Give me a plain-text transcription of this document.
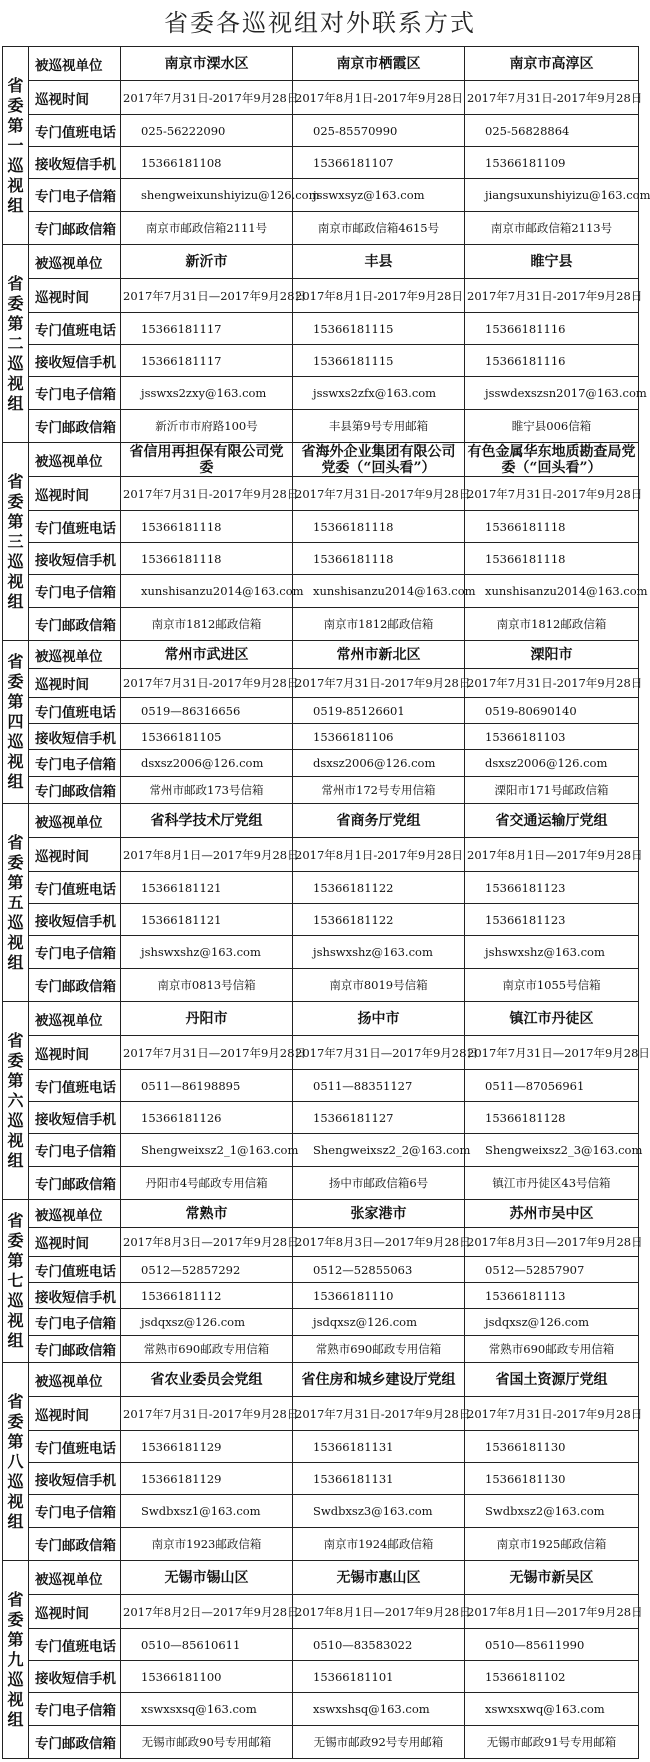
省委各巡视组对外联系方式
省委第一巡视组	被巡视单位	南京市溧水区	南京市栖霞区	南京市高淳区
	巡视时间	2017年7月31日-2017年9月28日	2017年8月1日-2017年9月28日	2017年7月31日-2017年9月28日
	专门值班电话	025-56222090	025-85570990	025-56828864
	接收短信手机	15366181108	15366181107	15366181109
	专门电子信箱	shengweixunshiyizu@126.com	jsswxsyz@163.com	jiangsuxunshiyizu@163.com
	专门邮政信箱	南京市邮政信箱2111号	南京市邮政信箱4615号	南京市邮政信箱2113号

省委第二巡视组	被巡视单位	新沂市	丰县	睢宁县
	巡视时间	2017年7月31日—2017年9月28日	2017年8月1日-2017年9月28日	2017年7月31日-2017年9月28日
	专门值班电话	15366181117	15366181115	15366181116
	接收短信手机	15366181117	15366181115	15366181116
	专门电子信箱	jsswxs2zxy@163.com	jsswxs2zfx@163.com	jsswdexszsn2017@163.com
	专门邮政信箱	新沂市市府路100号	丰县第9号专用邮箱	睢宁县006信箱

省委第三巡视组	被巡视单位	省信用再担保有限公司党委	省海外企业集团有限公司党委（“回头看”）	有色金属华东地质勘查局党委（“回头看”）
	巡视时间	2017年7月31日-2017年9月28日	2017年7月31日-2017年9月28日	2017年7月31日-2017年9月28日
	专门值班电话	15366181118	15366181118	15366181118
	接收短信手机	15366181118	15366181118	15366181118
	专门电子信箱	xunshisanzu2014@163.com	xunshisanzu2014@163.com	xunshisanzu2014@163.com
	专门邮政信箱	南京市1812邮政信箱	南京市1812邮政信箱	南京市1812邮政信箱

省委第四巡视组	被巡视单位	常州市武进区	常州市新北区	溧阳市
	巡视时间	2017年7月31日-2017年9月28日	2017年7月31日-2017年9月28日	2017年7月31日-2017年9月28日
	专门值班电话	0519—86316656	0519-85126601	0519-80690140
	接收短信手机	15366181105	15366181106	15366181103
	专门电子信箱	dsxsz2006@126.com	dsxsz2006@126.com	dsxsz2006@126.com
	专门邮政信箱	常州市邮政173号信箱	常州市172号专用信箱	溧阳市171号邮政信箱

省委第五巡视组	被巡视单位	省科学技术厅党组	省商务厅党组	省交通运输厅党组
	巡视时间	2017年8月1日—2017年9月28日	2017年8月1日-2017年9月28日	2017年8月1日—2017年9月28日
	专门值班电话	15366181121	15366181122	15366181123
	接收短信手机	15366181121	15366181122	15366181123
	专门电子信箱	jshswxshz@163.com	jshswxshz@163.com	jshswxshz@163.com
	专门邮政信箱	南京市0813号信箱	南京市8019号信箱	南京市1055号信箱

省委第六巡视组	被巡视单位	丹阳市	扬中市	镇江市丹徒区
	巡视时间	2017年7月31日—2017年9月28日	2017年7月31日—2017年9月28日	2017年7月31日—2017年9月28日
	专门值班电话	0511—86198895	0511—88351127	0511—87056961
	接收短信手机	15366181126	15366181127	15366181128
	专门电子信箱	Shengweixsz2_1@163.com	Shengweixsz2_2@163.com	Shengweixsz2_3@163.com
	专门邮政信箱	丹阳市4号邮政专用信箱	扬中市邮政信箱6号	镇江市丹徒区43号信箱

省委第七巡视组	被巡视单位	常熟市	张家港市	苏州市吴中区
	巡视时间	2017年8月3日—2017年9月28日	2017年8月3日—2017年9月28日	2017年8月3日—2017年9月28日
	专门值班电话	0512—52857292	0512—52855063	0512—52857907
	接收短信手机	15366181112	15366181110	15366181113
	专门电子信箱	jsdqxsz@126.com	jsdqxsz@126.com	jsdqxsz@126.com
	专门邮政信箱	常熟市690邮政专用信箱	常熟市690邮政专用信箱	常熟市690邮政专用信箱

省委第八巡视组	被巡视单位	省农业委员会党组	省住房和城乡建设厅党组	省国土资源厅党组
	巡视时间	2017年7月31日-2017年9月28日	2017年7月31日-2017年9月28日	2017年7月31日-2017年9月28日
	专门值班电话	15366181129	15366181131	15366181130
	接收短信手机	15366181129	15366181131	15366181130
	专门电子信箱	Swdbxsz1@163.com	Swdbxsz3@163.com	Swdbxsz2@163.com
	专门邮政信箱	南京市1923邮政信箱	南京市1924邮政信箱	南京市1925邮政信箱

省委第九巡视组	被巡视单位	无锡市锡山区	无锡市惠山区	无锡市新吴区
	巡视时间	2017年8月2日—2017年9月28日	2017年8月1日—2017年9月28日	2017年8月1日—2017年9月28日
	专门值班电话	0510—85610611	0510—83583022	0510—85611990
	接收短信手机	15366181100	15366181101	15366181102
	专门电子信箱	xswxsxsq@163.com	xswxshsq@163.com	xswxsxwq@163.com
	专门邮政信箱	无锡市邮政90号专用邮箱	无锡市邮政92号专用邮箱	无锡市邮政91号专用邮箱
